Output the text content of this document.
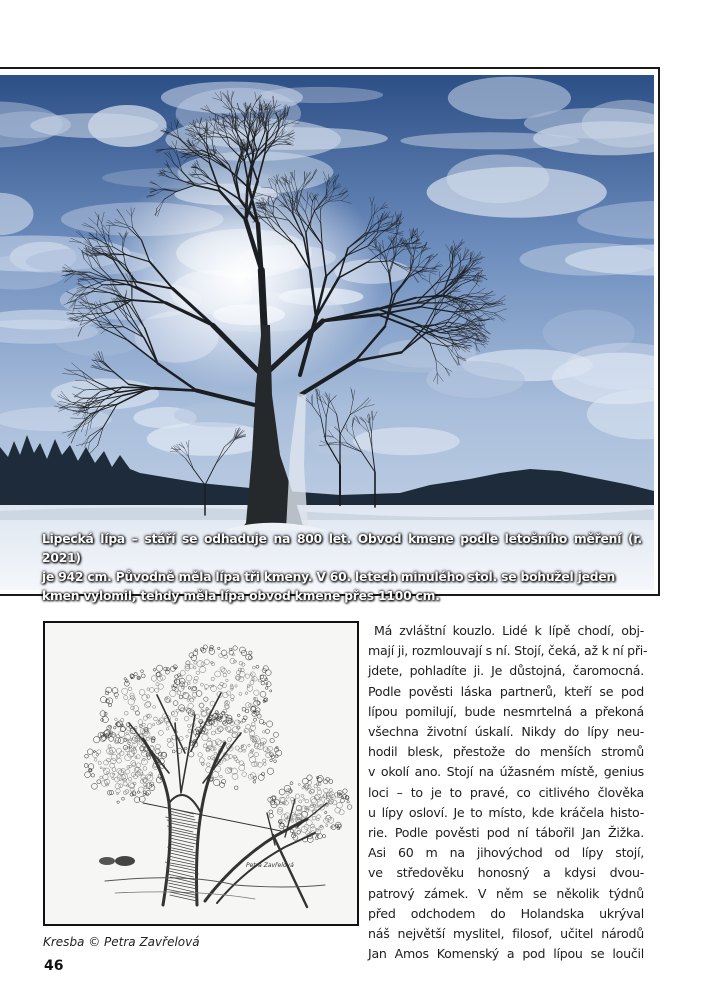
Lipecká lípa – stáří se odhaduje na 800 let. Obvod kmene podle letošního měření (r. 2021)

je 942 cm. Původně měla lípa tři kmeny. V 60. letech minulého stol. se bohužel jeden

kmen vylomil, tehdy měla lípa obvod kmene přes 1100 cm.

Petra Zavřelová
Kresba © Petra Zavřelová
46
Má zvláštní kouzlo. Lidé k lípě chodí, obj-
mají ji, rozmlouvají s ní. Stojí, čeká, až k ní při-
jdete, pohladíte ji. Je důstojná, čaromocná.
Podle pověsti láska partnerů, kteří se pod
lípou pomilují, bude nesmrtelná a překoná
všechna životní úskalí. Nikdy do lípy neu-
hodil blesk, přestože do menších stromů
v okolí ano. Stojí na úžasném místě, genius
loci – to je to pravé, co citlivého člověka
u lípy osloví. Je to místo, kde kráčela histo-
rie. Podle pověsti pod ní tábořil Jan Žižka.
Asi 60 m na jihovýchod od lípy stojí,
ve středověku honosný a kdysi dvou-
patrový zámek. V něm se několik týdnů
před odchodem do Holandska ukrýval
náš největší myslitel, filosof, učitel národů
Jan Amos Komenský a pod lípou se loučil
